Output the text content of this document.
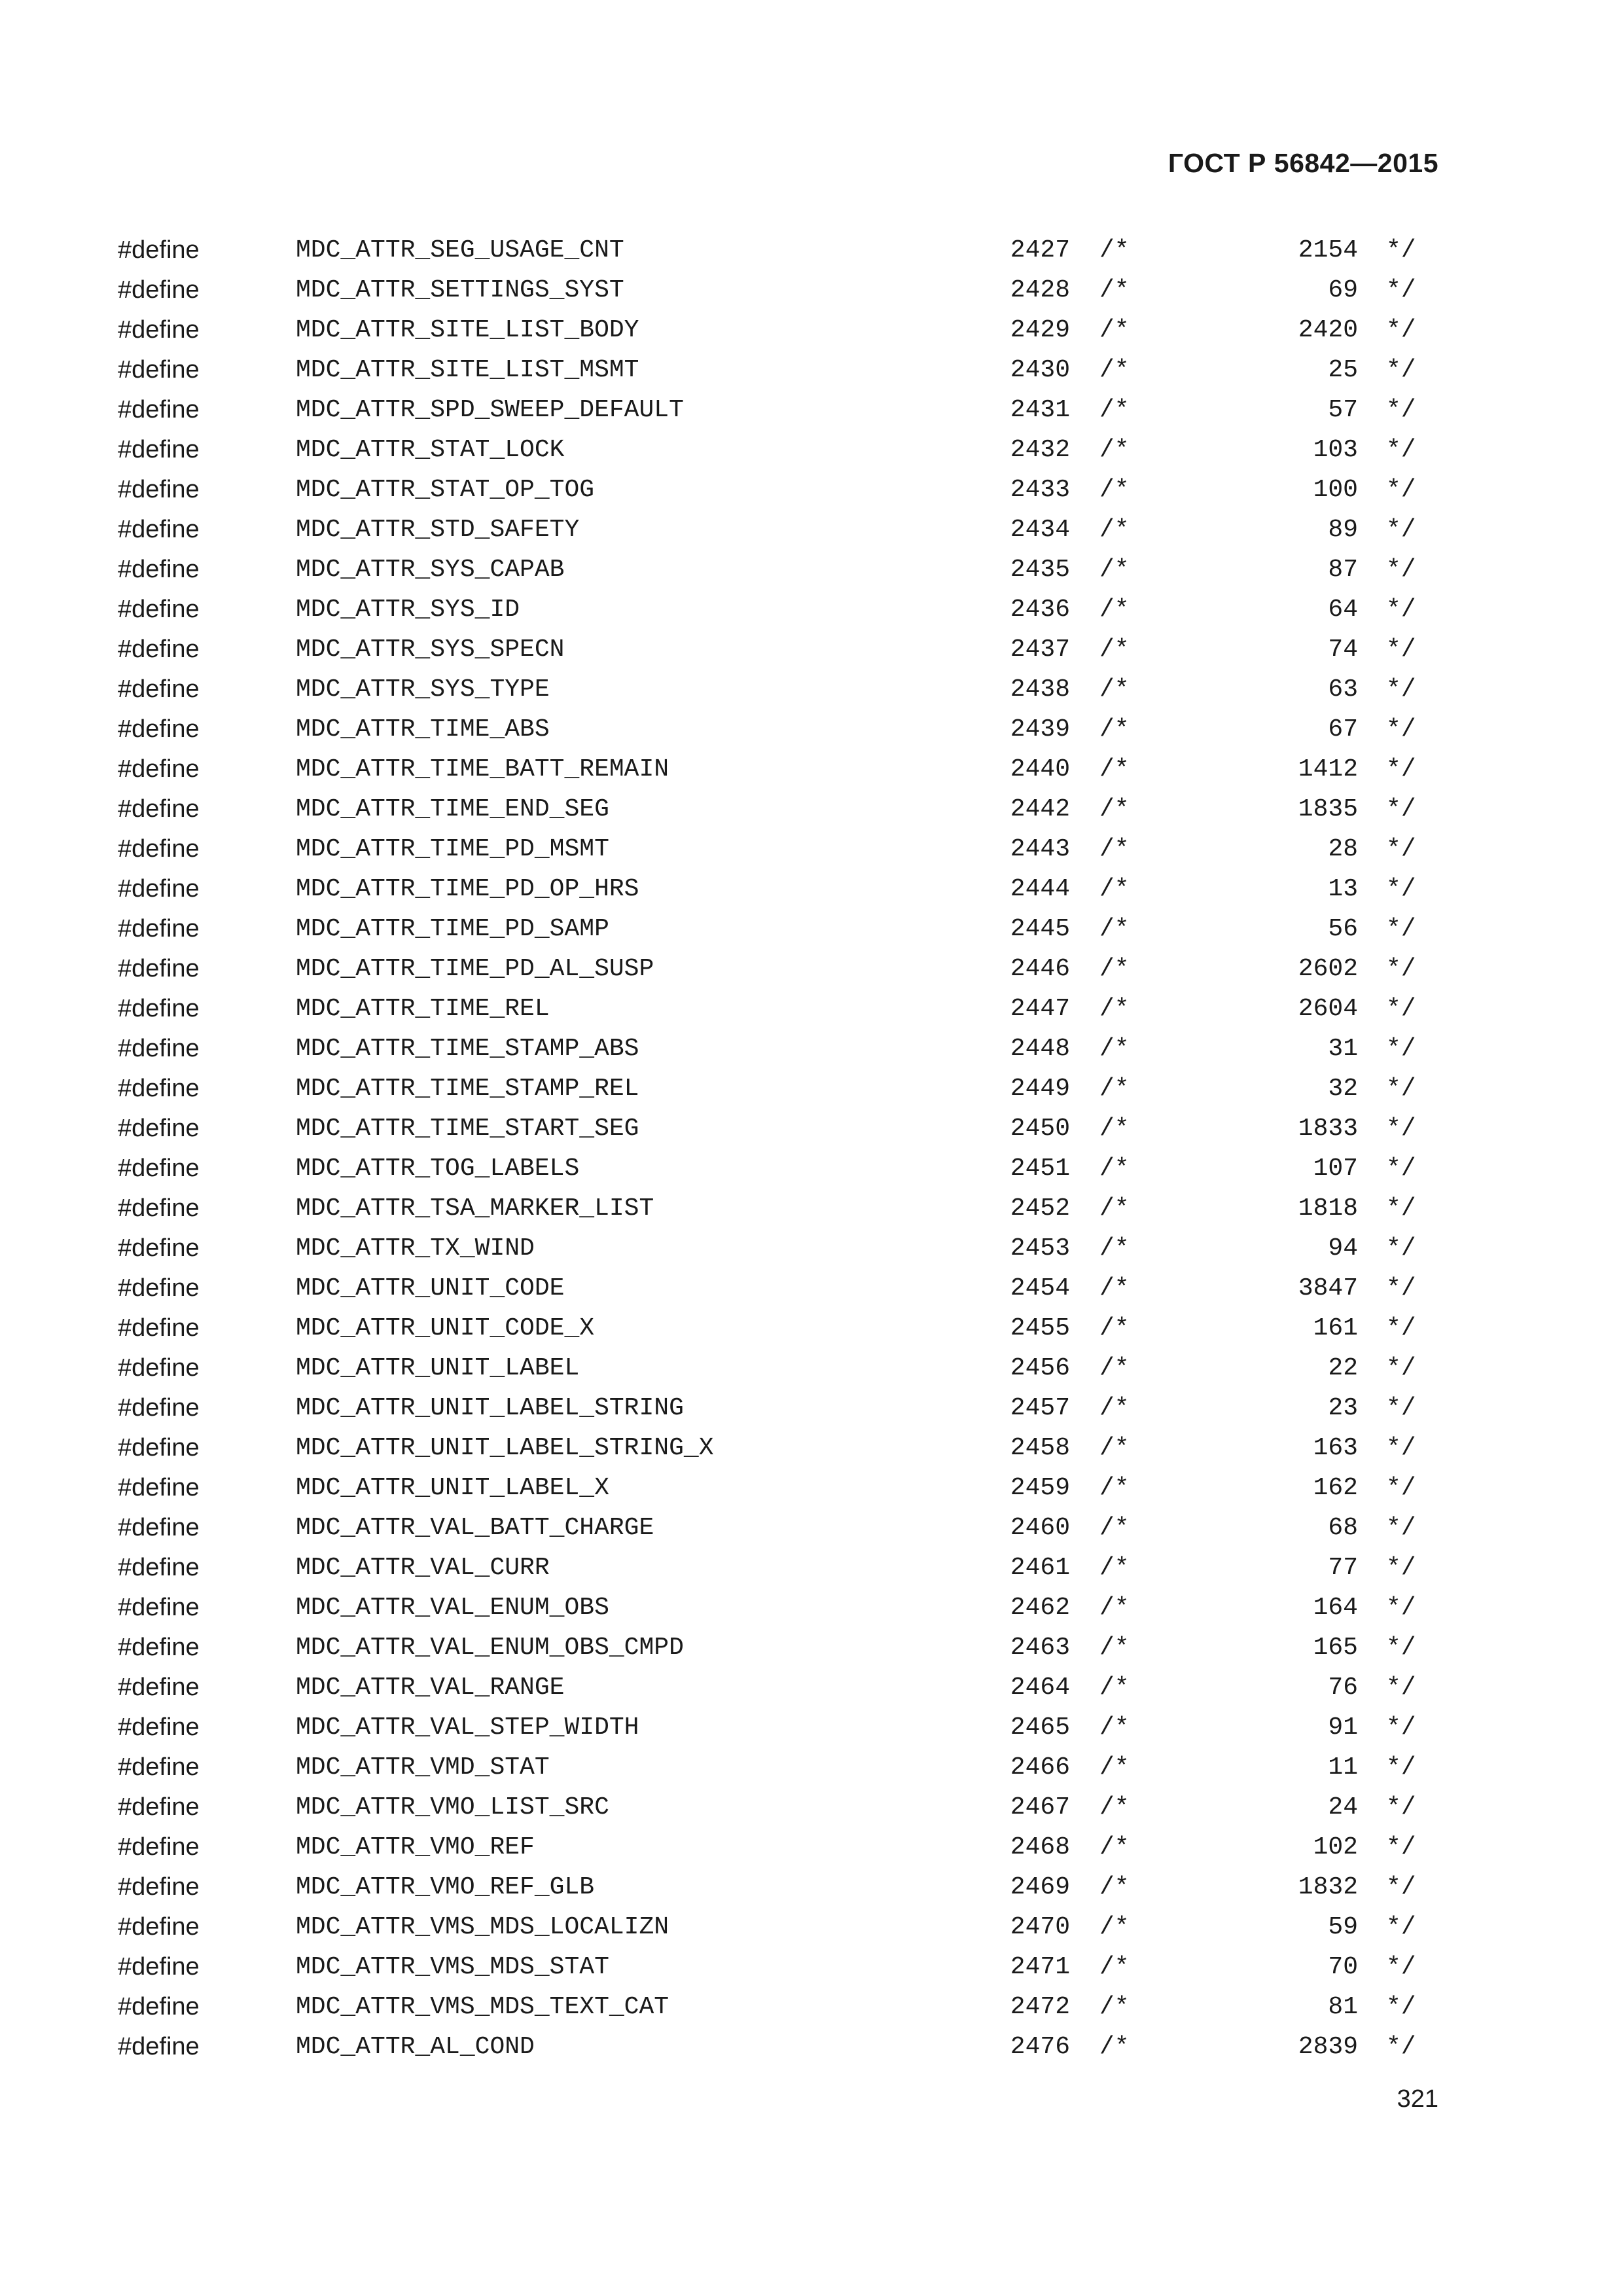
ГОСТ Р 56842—2015
#define	MDC_ATTR_SEG_USAGE_CNT	2427 /*	2154 */
#define	MDC_ATTR_SETTINGS_SYST	2428 /*	69 */
#define	MDC_ATTR_SITE_LIST_BODY	2429 /*	2420 */
#define	MDC_ATTR_SITE_LIST_MSMT	2430 /*	25 */
#define	MDC_ATTR_SPD_SWEEP_DEFAULT	2431 /*	57 */
#define	MDC_ATTR_STAT_LOCK	2432 /*	103 */
#define	MDC_ATTR_STAT_OP_TOG	2433 /*	100 */
#define	MDC_ATTR_STD_SAFETY	2434 /*	89 */
#define	MDC_ATTR_SYS_CAPAB	2435 /*	87 */
#define	MDC_ATTR_SYS_ID	2436 /*	64 */
#define	MDC_ATTR_SYS_SPECN	2437 /*	74 */
#define	MDC_ATTR_SYS_TYPE	2438 /*	63 */
#define	MDC_ATTR_TIME_ABS	2439 /*	67 */
#define	MDC_ATTR_TIME_BATT_REMAIN	2440 /*	1412 */
#define	MDC_ATTR_TIME_END_SEG	2442 /*	1835 */
#define	MDC_ATTR_TIME_PD_MSMT	2443 /*	28 */
#define	MDC_ATTR_TIME_PD_OP_HRS	2444 /*	13 */
#define	MDC_ATTR_TIME_PD_SAMP	2445 /*	56 */
#define	MDC_ATTR_TIME_PD_AL_SUSP	2446 /*	2602 */
#define	MDC_ATTR_TIME_REL	2447 /*	2604 */
#define	MDC_ATTR_TIME_STAMP_ABS	2448 /*	31 */
#define	MDC_ATTR_TIME_STAMP_REL	2449 /*	32 */
#define	MDC_ATTR_TIME_START_SEG	2450 /*	1833 */
#define	MDC_ATTR_TOG_LABELS	2451 /*	107 */
#define	MDC_ATTR_TSA_MARKER_LIST	2452 /*	1818 */
#define	MDC_ATTR_TX_WIND	2453 /*	94 */
#define	MDC_ATTR_UNIT_CODE	2454 /*	3847 */
#define	MDC_ATTR_UNIT_CODE_X	2455 /*	161 */
#define	MDC_ATTR_UNIT_LABEL	2456 /*	22 */
#define	MDC_ATTR_UNIT_LABEL_STRING	2457 /*	23 */
#define	MDC_ATTR_UNIT_LABEL_STRING_X	2458 /*	163 */
#define	MDC_ATTR_UNIT_LABEL_X	2459 /*	162 */
#define	MDC_ATTR_VAL_BATT_CHARGE	2460 /*	68 */
#define	MDC_ATTR_VAL_CURR	2461 /*	77 */
#define	MDC_ATTR_VAL_ENUM_OBS	2462 /*	164 */
#define	MDC_ATTR_VAL_ENUM_OBS_CMPD	2463 /*	165 */
#define	MDC_ATTR_VAL_RANGE	2464 /*	76 */
#define	MDC_ATTR_VAL_STEP_WIDTH	2465 /*	91 */
#define	MDC_ATTR_VMD_STAT	2466 /*	11 */
#define	MDC_ATTR_VMO_LIST_SRC	2467 /*	24 */
#define	MDC_ATTR_VMO_REF	2468 /*	102 */
#define	MDC_ATTR_VMO_REF_GLB	2469 /*	1832 */
#define	MDC_ATTR_VMS_MDS_LOCALIZN	2470 /*	59 */
#define	MDC_ATTR_VMS_MDS_STAT	2471 /*	70 */
#define	MDC_ATTR_VMS_MDS_TEXT_CAT	2472 /*	81 */
#define	MDC_ATTR_AL_COND	2476 /*	2839 */
321
